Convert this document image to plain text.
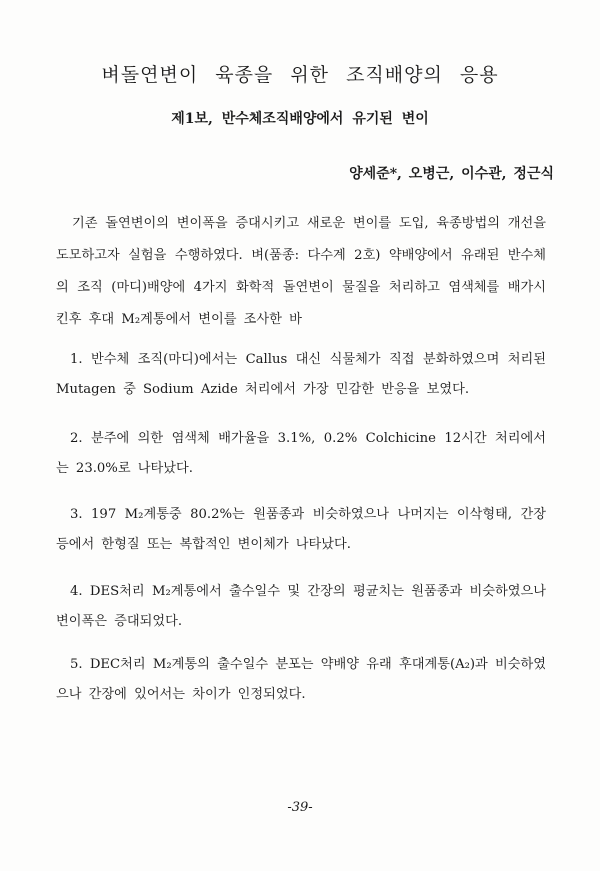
벼돌연변이 육종을 위한 조직배양의 응용
제1보, 반수체조직배양에서 유기된 변이
양세준*, 오병근, 이수관, 정근식
기존 돌연변이의 변이폭을 증대시키고 새로운 변이를 도입, 육종방법의 개선을 도모하고자 실험을 수행하였다. 벼(품종: 다수계 2호) 약배양에서 유래된 반수체의 조직 (마디)배양에 4가지 화학적 돌연변이 물질을 처리하고 염색체를 배가시킨후 후대 M₂계통에서 변이를 조사한 바
1. 반수체 조직(마디)에서는 Callus 대신 식물체가 직접 분화하였으며 처리된 Mutagen 중 Sodium Azide 처리에서 가장 민감한 반응을 보였다.
2. 분주에 의한 염색체 배가율을 3.1%, 0.2% Colchicine 12시간 처리에서는 23.0%로 나타났다.
3. 197 M₂계통중 80.2%는 원품종과 비슷하였으나 나머지는 이삭형태, 간장등에서 한형질 또는 복합적인 변이체가 나타났다.
4. DES처리 M₂계통에서 출수일수 및 간장의 평균치는 원품종과 비슷하였으나 변이폭은 증대되었다.
5. DEC처리 M₂계통의 출수일수 분포는 약배양 유래 후대계통(A₂)과 비슷하였으나 간장에 있어서는 차이가 인정되었다.
-39-
